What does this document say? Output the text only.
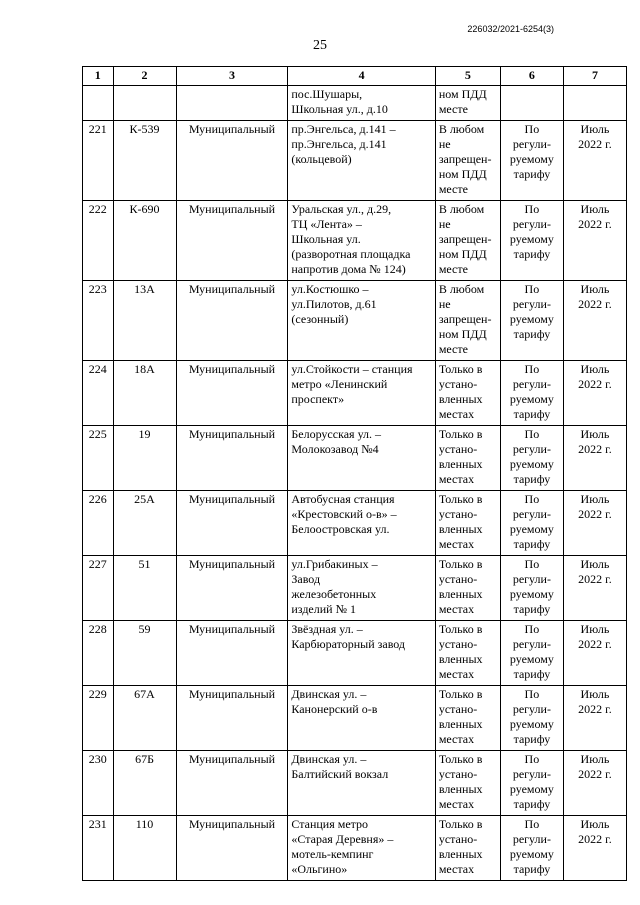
226032/2021-6254(3)
25
1	2	3	4	5	6	7

			пос.Шушары,
Школьная ул., д.10	ном ПДД
месте		

221	К-539	Муниципальный	пр.Энгельса, д.141 –
пр.Энгельса, д.141
(кольцевой)	В любом
не
запрещен-
ном ПДД
месте	По
регули-
руемому
тарифу	Июль
2022 г.

222	К-690	Муниципальный	Уральская ул., д.29,
ТЦ «Лента» –
Школьная ул.
(разворотная площадка
напротив дома № 124)	В любом
не
запрещен-
ном ПДД
месте	По
регули-
руемому
тарифу	Июль
2022 г.

223	13А	Муниципальный	ул.Костюшко –
ул.Пилотов, д.61
(сезонный)	В любом
не
запрещен-
ном ПДД
месте	По
регули-
руемому
тарифу	Июль
2022 г.

224	18А	Муниципальный	ул.Стойкости – станция
метро «Ленинский
проспект»	Только в
устано-
вленных
местах	По
регули-
руемому
тарифу	Июль
2022 г.

225	19	Муниципальный	Белорусская ул. –
Молокозавод №4	Только в
устано-
вленных
местах	По
регули-
руемому
тарифу	Июль
2022 г.

226	25А	Муниципальный	Автобусная станция
«Крестовский о-в» –
Белоостровская ул.	Только в
устано-
вленных
местах	По
регули-
руемому
тарифу	Июль
2022 г.

227	51	Муниципальный	ул.Грибакиных –
Завод
железобетонных
изделий № 1	Только в
устано-
вленных
местах	По
регули-
руемому
тарифу	Июль
2022 г.

228	59	Муниципальный	Звёздная ул. –
Карбюраторный завод	Только в
устано-
вленных
местах	По
регули-
руемому
тарифу	Июль
2022 г.

229	67А	Муниципальный	Двинская ул. –
Канонерский о-в	Только в
устано-
вленных
местах	По
регули-
руемому
тарифу	Июль
2022 г.

230	67Б	Муниципальный	Двинская ул. –
Балтийский вокзал	Только в
устано-
вленных
местах	По
регули-
руемому
тарифу	Июль
2022 г.

231	110	Муниципальный	Станция метро
«Старая Деревня» –
мотель-кемпинг
«Ольгино»	Только в
устано-
вленных
местах	По
регули-
руемому
тарифу	Июль
2022 г.
